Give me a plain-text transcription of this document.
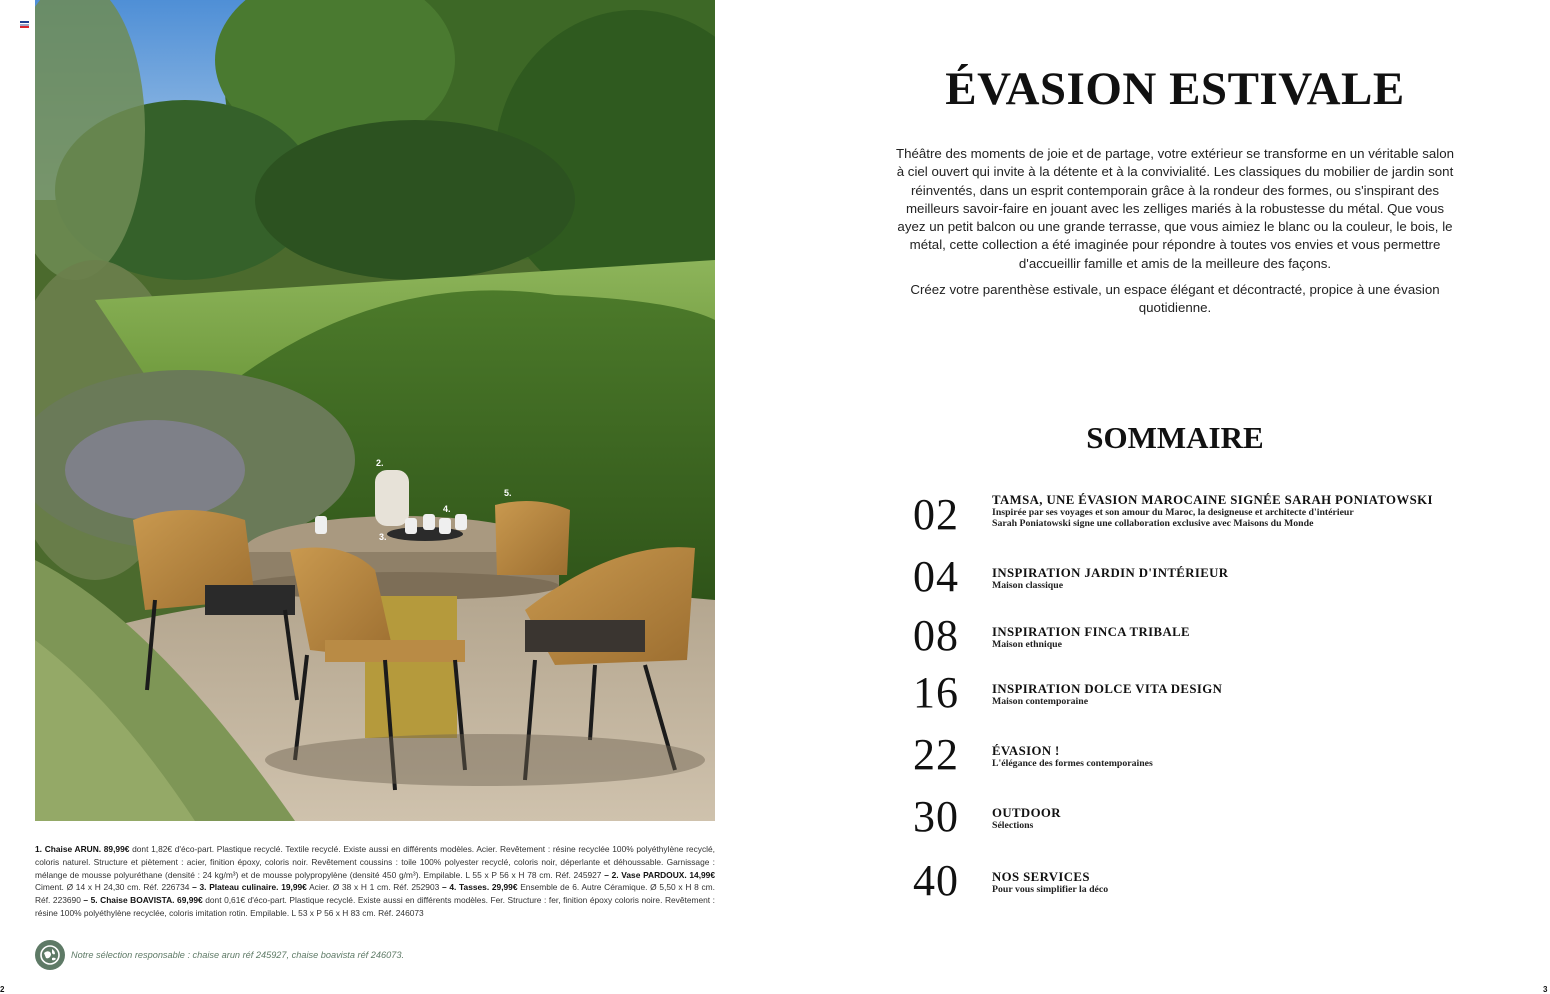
2.
4.
5.
3.
1. Chaise ARUN. 89,99€ dont 1,82€ d'éco-part. Plastique recyclé. Textile recyclé. Existe aussi en différents modèles. Acier. Revêtement : résine recyclée 100% polyéthylène recyclé, coloris naturel. Structure et piètement : acier, finition époxy, coloris noir. Revêtement coussins : toile 100% polyester recyclé, coloris noir, déperlante et déhoussable. Garnissage : mélange de mousse polyuréthane (densité : 24 kg/m³) et de mousse polypropylène (densité 450 g/m³). Empilable. L 55 x P 56 x H 78 cm. Réf. 245927 – 2. Vase PARDOUX. 14,99€ Ciment. Ø 14 x H 24,30 cm. Réf. 226734 – 3. Plateau culinaire. 19,99€ Acier. Ø 38 x H 1 cm. Réf. 252903 – 4. Tasses. 29,99€ Ensemble de 6. Autre Céramique. Ø 5,50 x H 8 cm. Réf. 223690 – 5. Chaise BOAVISTA. 69,99€ dont 0,61€ d'éco-part. Plastique recyclé. Existe aussi en différents modèles. Fer. Structure : fer, finition époxy coloris noire. Revêtement : résine 100% polyéthylène recyclée, coloris imitation rotin. Empilable. L 53 x P 56 x H 83 cm. Réf. 246073
Notre sélection responsable : chaise arun réf 245927, chaise boavista réf 246073.
2	3
ÉVASION ESTIVALE

Théâtre des moments de joie et de partage, votre extérieur se transforme en un véritable salon à ciel ouvert qui invite à la détente et à la convivialité. Les classiques du mobilier de jardin sont réinventés, dans un esprit contemporain grâce à la rondeur des formes, ou s'inspirant des meilleurs savoir-faire en jouant avec les zelliges mariés à la robustesse du métal. Que vous ayez un petit balcon ou une grande terrasse, que vous aimiez le blanc ou la couleur, le bois, le métal, cette collection a été imaginée pour répondre à toutes vos envies et vous permettre d'accueillir famille et amis de la meilleure des façons.

Créez votre parenthèse estivale, un espace élégant et décontracté, propice à une évasion quotidienne.

SOMMAIRE
02	TAMSA, UNE ÉVASION MAROCAINE SIGNÉE SARAH PONIATOWSKI
Inspirée par ses voyages et son amour du Maroc, la designeuse et architecte d'intérieur
Sarah Poniatowski signe une collaboration exclusive avec Maisons du Monde
04	INSPIRATION JARDIN D'INTÉRIEUR
Maison classique
08	INSPIRATION FINCA TRIBALE
Maison ethnique
16	INSPIRATION DOLCE VITA DESIGN
Maison contemporaine
22	ÉVASION !
L'élégance des formes contemporaines
30	OUTDOOR
Sélections
40	NOS SERVICES
Pour vous simplifier la déco
